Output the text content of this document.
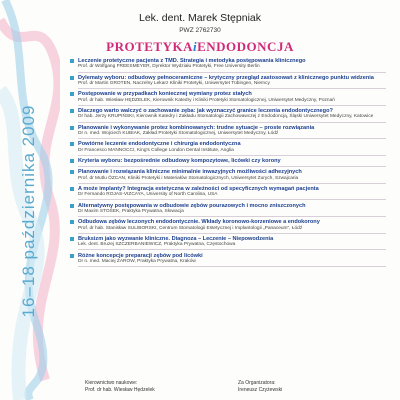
16–18 października 2009
Lek. dent. Marek Stępniak
PWZ 2762730
PROTETYKAiENDODONCJA
Leczenie protetyczne pacjenta z TMD. Strategia i metodyka postępowania klinicznego
Prof. dr Wolfgang FREESMEYER, Dyrektor Wydziału Protetyki, Free University Berlin
Dylematy wyboru: odbudowy pełnoceramiczne – krytyczny przegląd zastosowań z klinicznego punktu widzenia
Prof. dr Martin GROTEN, Naczelny Lekarz Kliniki Protetyki, Uniwersytet Tübingen, Niemcy
Postępowanie w przypadkach koniecznej wymiany protez stałych
Prof. dr hab. Wiesław HĘDZELEK, Kierownik Katedry i Kliniki Protetyki Stomatologicznej, Uniwersytet Medyczny, Poznań
Dlaczego warto walczyć o zachowanie zęba: jak wyznaczyć granice leczenia endodontycznego?
Dr hab. Jerzy KRUPIŃSKI, Kierownik Katedry i Zakładu Stomatologii Zachowawczej z Endodoncją, Śląski Uniwersytet Medyczny, Katowice
Planowanie i wykonywanie protez kombinowanych: trudne sytuacje – proste rozwiązania
Dr n. med. Wojciech KUBIAK, Zakład Protetyki Stomatologicznej, Uniwersytet Medyczny, Łódź
Powtórne leczenie endodontyczne i chirurgia endodontyczna
Dr Francesco MANNOCCI, King's College London Dental Institute, Anglia
Kryteria wyboru: bezpośrednie odbudowy kompozytowe, licówki czy korony
Planowanie i rozwiązania kliniczne minimalnie inwazyjnych możliwości adhezyjnych
Prof. dr Mutlu ÖZCAN, Kliniki Protetyki i Materiałów Stomatologicznych, Uniwersytet Zurych, Szwajcaria
A może implanty? Integracja estetyczna w zależności od specyficznych wymagań pacjenta
Dr Fernando ROJAS-VIZCAYA, University of North Carolina, USA
Alternatywny postępowania w odbudowie zębów pourazowych i mocno zniszczonych
Dr Maxim STOŠEK, Praktyka Prywatna, Słowacja
Odbudowa zębów leczonych endodontycznie. Wkłady koronowo-korzeniowe a endokorony
Prof. dr hab. Stanisław SULIBORSKI, Centrum Stomatologii Estetycznej i Implantologii „Panaceum”, Łódź
Bruksizm jako wyzwanie kliniczne. Diagnoza – Leczenie – Niepowodzenia
Lek. dent. Bruzej SZCZERBANIEWICZ, Praktyka Prywatna, Częstochowa
Różne koncepcje preparacji zębów pod licówki
Dr n. med. Maciej ŻAROW, Praktyka Prywatna, Kraków
Kierownictwo naukowe:
Prof. dr hab. Wiesław Hędzelek
Za Organizatora:
Ireneusz Czyżewski
